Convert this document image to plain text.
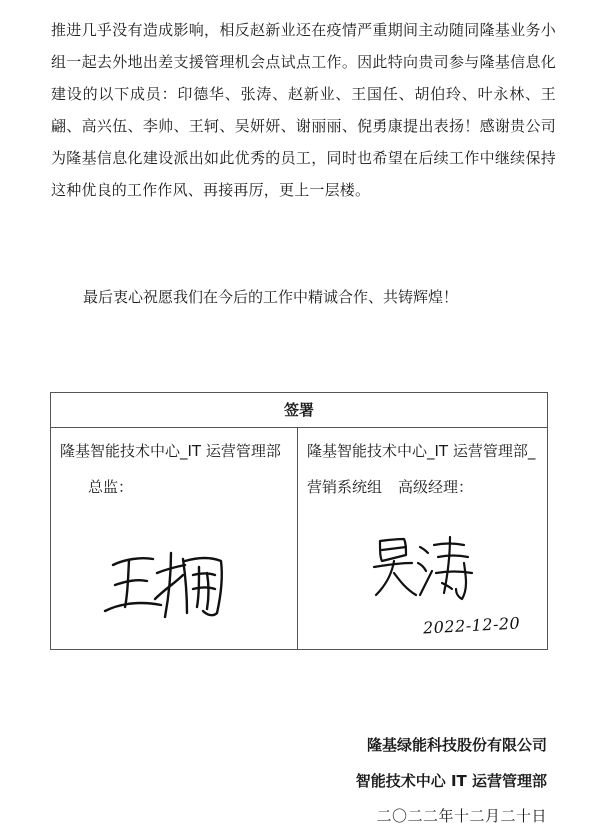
推进几乎没有造成影响，相反赵新业还在疫情严重期间主动随同隆基业务小组一起去外地出差支援管理机会点试点工作。因此特向贵司参与隆基信息化建设的以下成员：印德华、张涛、赵新业、王国任、胡伯玲、叶永林、王翩、高兴伍、李帅、王轲、吴妍妍、谢丽丽、倪勇康提出表扬！感谢贵公司为隆基信息化建设派出如此优秀的员工，同时也希望在后续工作中继续保持这种优良的工作作风、再接再厉，更上一层楼。

最后衷心祝愿我们在今后的工作中精诚合作、共铸辉煌！

签署

隆基智能技术中心_IT 运营管理部总监：

隆基智能技术中心_IT 运营管理部_营销系统组 高级经理：

2022-12-20
隆基绿能科技股份有限公司
智能技术中心 IT 运营管理部
二〇二二年十二月二十日
